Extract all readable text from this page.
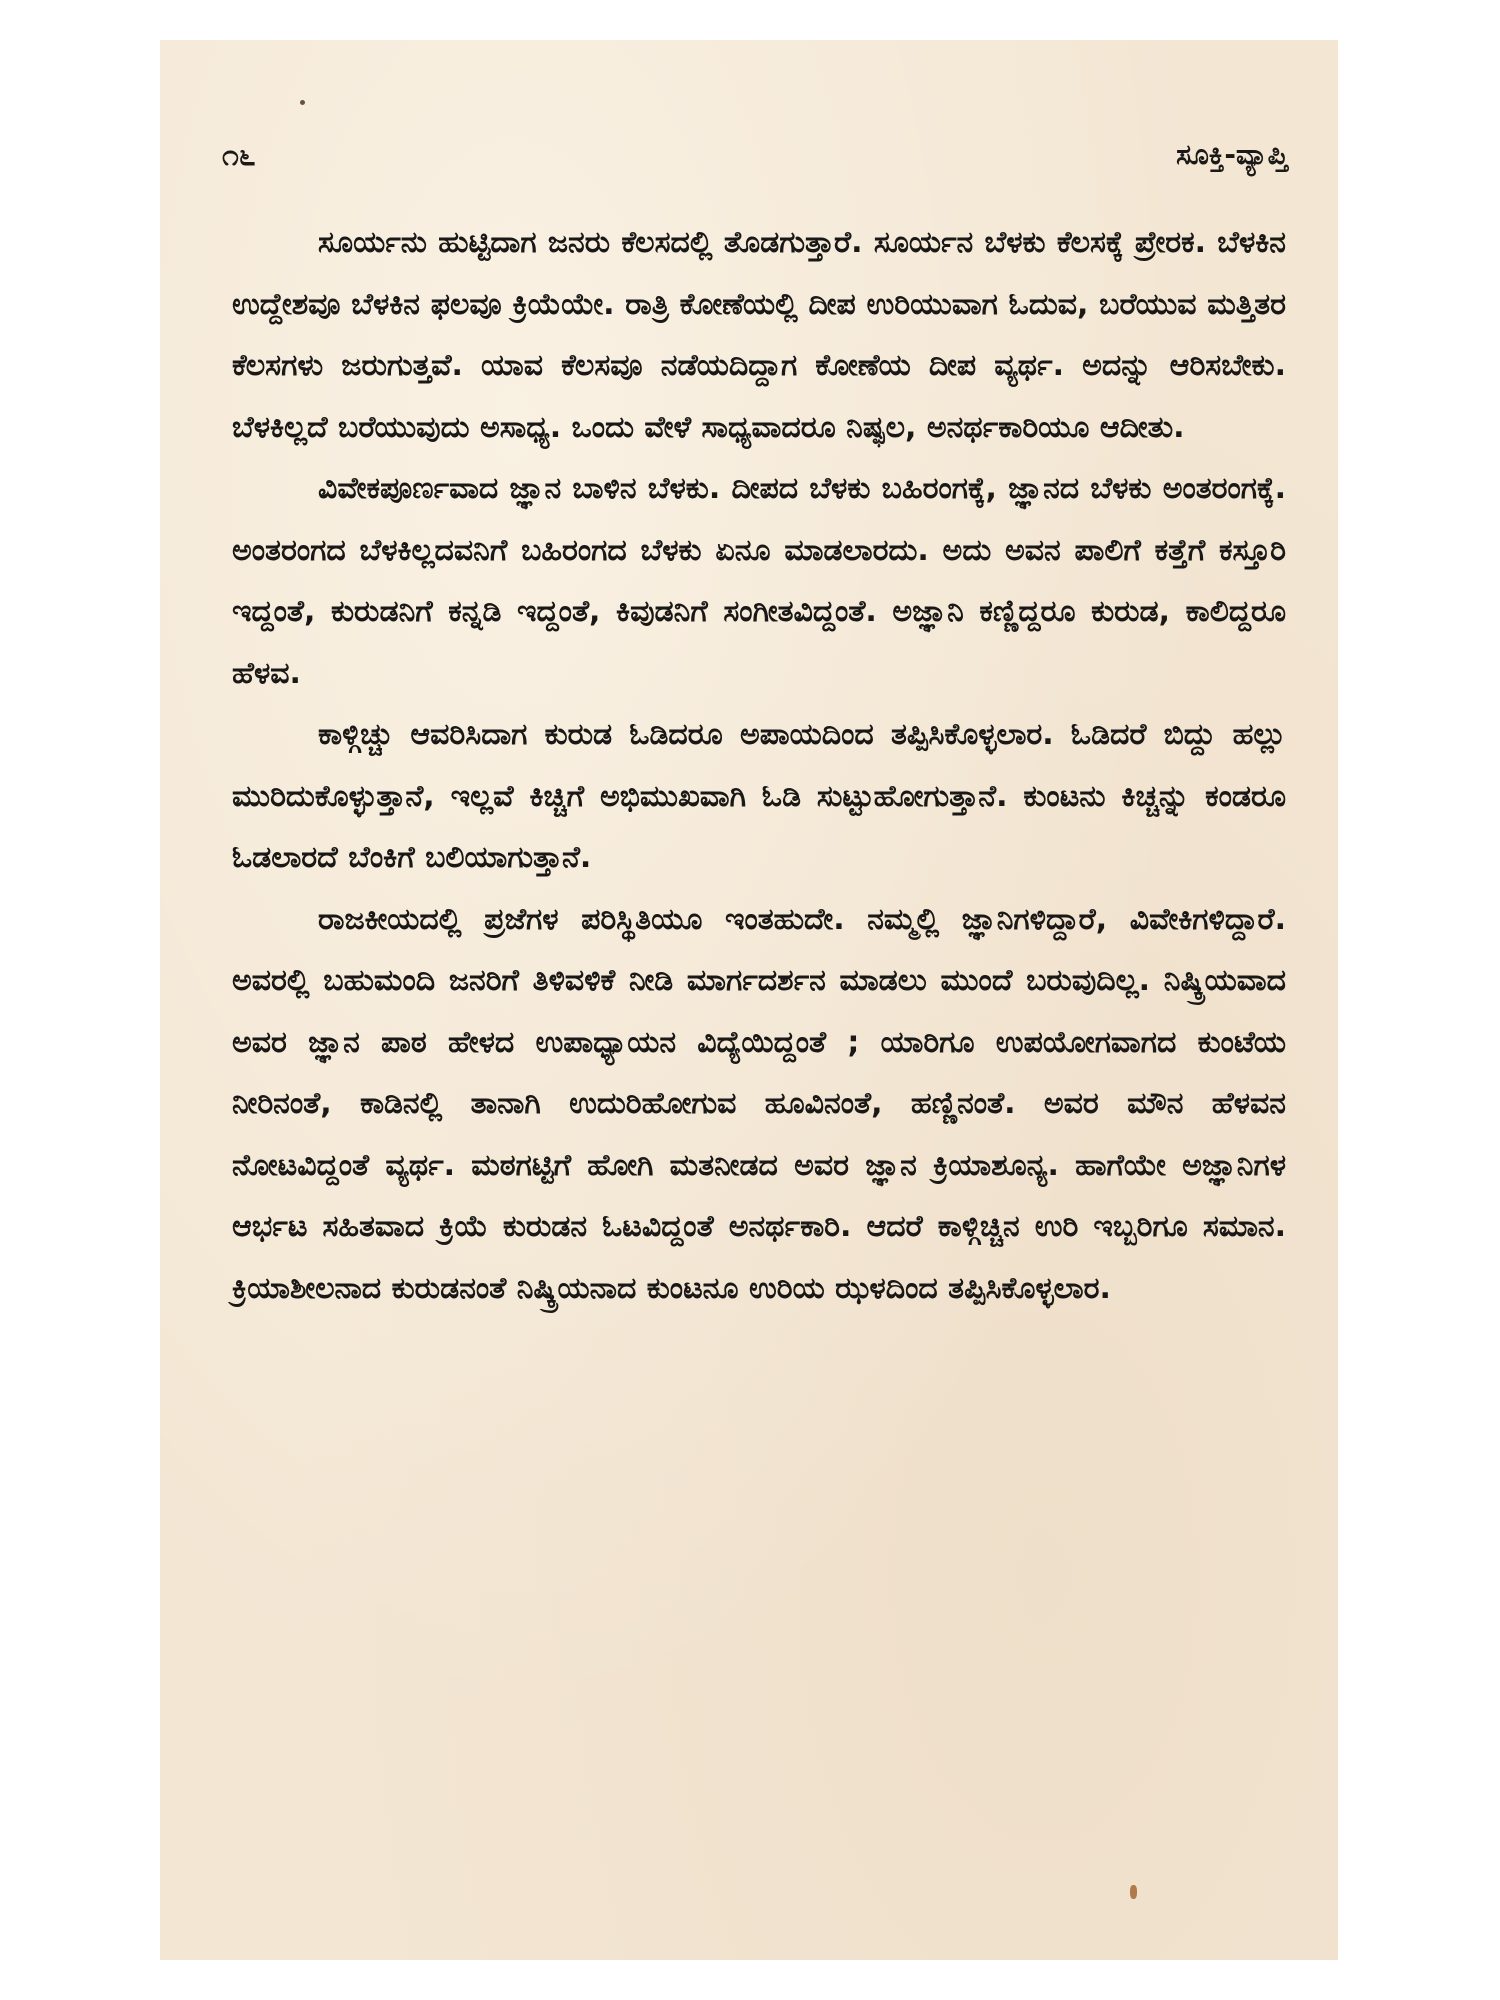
೧೬	ಸೂಕ್ತಿ-ವ್ಯಾಪ್ತಿ

ಸೂರ್ಯನು ಹುಟ್ಟಿದಾಗ ಜನರು ಕೆಲಸದಲ್ಲಿ ತೊಡಗುತ್ತಾರೆ. ಸೂರ್ಯನ ಬೆಳಕು ಕೆಲಸಕ್ಕೆ ಪ್ರೇರಕ. ಬೆಳಕಿನ ಉದ್ದೇಶವೂ ಬೆಳಕಿನ ಫಲವೂ ಕ್ರಿಯೆಯೇ. ರಾತ್ರಿ ಕೋಣೆಯಲ್ಲಿ ದೀಪ ಉರಿಯುವಾಗ ಓದುವ, ಬರೆಯುವ ಮತ್ತಿತರ ಕೆಲಸಗಳು ಜರುಗುತ್ತವೆ. ಯಾವ ಕೆಲಸವೂ ನಡೆಯದಿದ್ದಾಗ ಕೋಣೆಯ ದೀಪ ವ್ಯರ್ಥ. ಅದನ್ನು ಆರಿಸಬೇಕು. ಬೆಳಕಿಲ್ಲದೆ ಬರೆಯುವುದು ಅಸಾಧ್ಯ. ಒಂದು ವೇಳೆ ಸಾಧ್ಯವಾದರೂ ನಿಷ್ಫಲ, ಅನರ್ಥಕಾರಿಯೂ ಆದೀತು.

ವಿವೇಕಪೂರ್ಣವಾದ ಜ್ಞಾನ ಬಾಳಿನ ಬೆಳಕು. ದೀಪದ ಬೆಳಕು ಬಹಿರಂಗಕ್ಕೆ, ಜ್ಞಾನದ ಬೆಳಕು ಅಂತರಂಗಕ್ಕೆ. ಅಂತರಂಗದ ಬೆಳಕಿಲ್ಲದವನಿಗೆ ಬಹಿರಂಗದ ಬೆಳಕು ಏನೂ ಮಾಡಲಾರದು. ಅದು ಅವನ ಪಾಲಿಗೆ ಕತ್ತೆಗೆ ಕಸ್ತೂರಿ ಇದ್ದಂತೆ, ಕುರುಡನಿಗೆ ಕನ್ನಡಿ ಇದ್ದಂತೆ, ಕಿವುಡನಿಗೆ ಸಂಗೀತವಿದ್ದಂತೆ. ಅಜ್ಞಾನಿ ಕಣ್ಣಿದ್ದರೂ ಕುರುಡ, ಕಾಲಿದ್ದರೂ ಹೆಳವ.

ಕಾಳ್ಗಿಚ್ಚು ಆವರಿಸಿದಾಗ ಕುರುಡ ಓಡಿದರೂ ಅಪಾಯದಿಂದ ತಪ್ಪಿಸಿಕೊಳ್ಳಲಾರ. ಓಡಿದರೆ ಬಿದ್ದು ಹಲ್ಲು ಮುರಿದುಕೊಳ್ಳುತ್ತಾನೆ, ಇಲ್ಲವೆ ಕಿಚ್ಚಿಗೆ ಅಭಿಮುಖವಾಗಿ ಓಡಿ ಸುಟ್ಟುಹೋಗುತ್ತಾನೆ. ಕುಂಟನು ಕಿಚ್ಚನ್ನು ಕಂಡರೂ ಓಡಲಾರದೆ ಬೆಂಕಿಗೆ ಬಲಿಯಾಗುತ್ತಾನೆ.

ರಾಜಕೀಯದಲ್ಲಿ ಪ್ರಜೆಗಳ ಪರಿಸ್ಥಿತಿಯೂ ಇಂತಹುದೇ. ನಮ್ಮಲ್ಲಿ ಜ್ಞಾನಿಗಳಿದ್ದಾರೆ, ವಿವೇಕಿಗಳಿದ್ದಾರೆ. ಅವರಲ್ಲಿ ಬಹುಮಂದಿ ಜನರಿಗೆ ತಿಳಿವಳಿಕೆ ನೀಡಿ ಮಾರ್ಗದರ್ಶನ ಮಾಡಲು ಮುಂದೆ ಬರುವುದಿಲ್ಲ. ನಿಷ್ಕ್ರಿಯವಾದ ಅವರ ಜ್ಞಾನ ಪಾಠ ಹೇಳದ ಉಪಾಧ್ಯಾಯನ ವಿದ್ಯೆಯಿದ್ದಂತೆ ; ಯಾರಿಗೂ ಉಪಯೋಗವಾಗದ ಕುಂಟೆಯ ನೀರಿನಂತೆ, ಕಾಡಿನಲ್ಲಿ ತಾನಾಗಿ ಉದುರಿಹೋಗುವ ಹೂವಿನಂತೆ, ಹಣ್ಣಿನಂತೆ. ಅವರ ಮೌನ ಹೆಳವನ ನೋಟವಿದ್ದಂತೆ ವ್ಯರ್ಥ. ಮಠಗಟ್ಟಿಗೆ ಹೋಗಿ ಮತನೀಡದ ಅವರ ಜ್ಞಾನ ಕ್ರಿಯಾಶೂನ್ಯ. ಹಾಗೆಯೇ ಅಜ್ಞಾನಿಗಳ ಆರ್ಭಟ ಸಹಿತವಾದ ಕ್ರಿಯೆ ಕುರುಡನ ಓಟವಿದ್ದಂತೆ ಅನರ್ಥಕಾರಿ. ಆದರೆ ಕಾಳ್ಗಿಚ್ಚಿನ ಉರಿ ಇಬ್ಬರಿಗೂ ಸಮಾನ. ಕ್ರಿಯಾಶೀಲನಾದ ಕುರುಡನಂತೆ ನಿಷ್ಕ್ರಿಯನಾದ ಕುಂಟನೂ ಉರಿಯ ಝಳದಿಂದ ತಪ್ಪಿಸಿಕೊಳ್ಳಲಾರ.
